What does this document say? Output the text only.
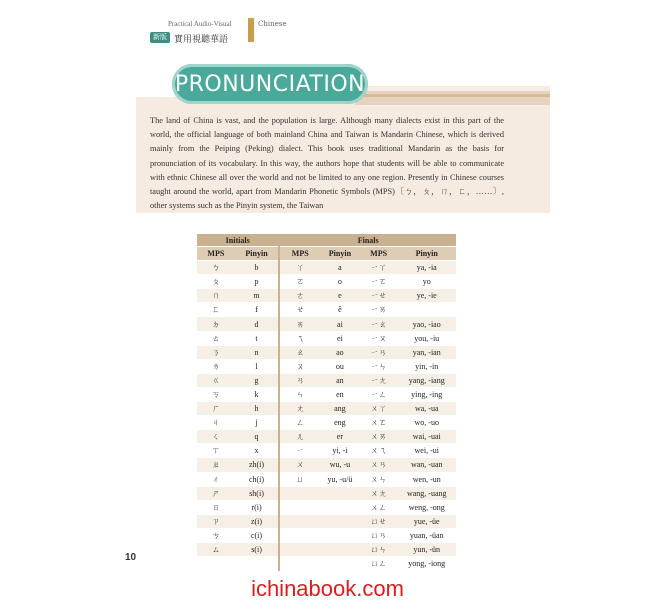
Practical Audio-Visual	Chinese
新版 實用視聽華語
PRONUNCIATION
The land of China is vast, and the population is large. Although many dialects exist in this part of the world, the official language of both mainland China and Taiwan is Mandarin Chinese, which is derived mainly from the Peiping (Peking) dialect. This book uses traditional Mandarin as the basis for pronunciation of its vocabulary. In this way, the authors hope that students will be able to communicate with ethnic Chinese all over the world and not be limited to any one region. Presently in Chinese courses taught around the world, apart from Mandarin Phonetic Symbols (MPS)〔ㄅ，ㄆ，ㄇ，ㄈ，……〕, other systems such as the Pinyin system, the Taiwan
Initials		Finals			
MPS	Pinyin	MPS	Pinyin	MPS	Pinyin
ㄅ	b	ㄚ	a	ㄧㄚ	ya, -ia
ㄆ	p	ㄛ	o	ㄧㄛ	yo
ㄇ	m	ㄜ	e	ㄧㄝ	ye, -ie
ㄈ	f	ㄝ	ê	ㄧㄞ	
ㄉ	d	ㄞ	ai	ㄧㄠ	yao, -iao
ㄊ	t	ㄟ	ei	ㄧㄡ	you, -iu
ㄋ	n	ㄠ	ao	ㄧㄢ	yan, -ian
ㄌ	l	ㄡ	ou	ㄧㄣ	yin, -in
ㄍ	g	ㄢ	an	ㄧㄤ	yang, -iang
ㄎ	k	ㄣ	en	ㄧㄥ	ying, -ing
ㄏ	h	ㄤ	ang	ㄨㄚ	wa, -ua
ㄐ	j	ㄥ	eng	ㄨㄛ	wo, -uo
ㄑ	q	ㄦ	er	ㄨㄞ	wai, -uai
ㄒ	x	ㄧ	yi, -i	ㄨㄟ	wei, -ui
ㄓ	zh(i)	ㄨ	wu, -u	ㄨㄢ	wan, -uan
ㄔ	ch(i)	ㄩ	yu, -u/ü	ㄨㄣ	wen, -un
ㄕ	sh(i)			ㄨㄤ	wang, -uang
ㄖ	r(i)			ㄨㄥ	weng, -ong
ㄗ	z(i)			ㄩㄝ	yue, -üe
ㄘ	c(i)			ㄩㄢ	yuan, -üan
ㄙ	s(i)			ㄩㄣ	yun, -ün
				ㄩㄥ	yong, -iong
10
ichinabook.com
